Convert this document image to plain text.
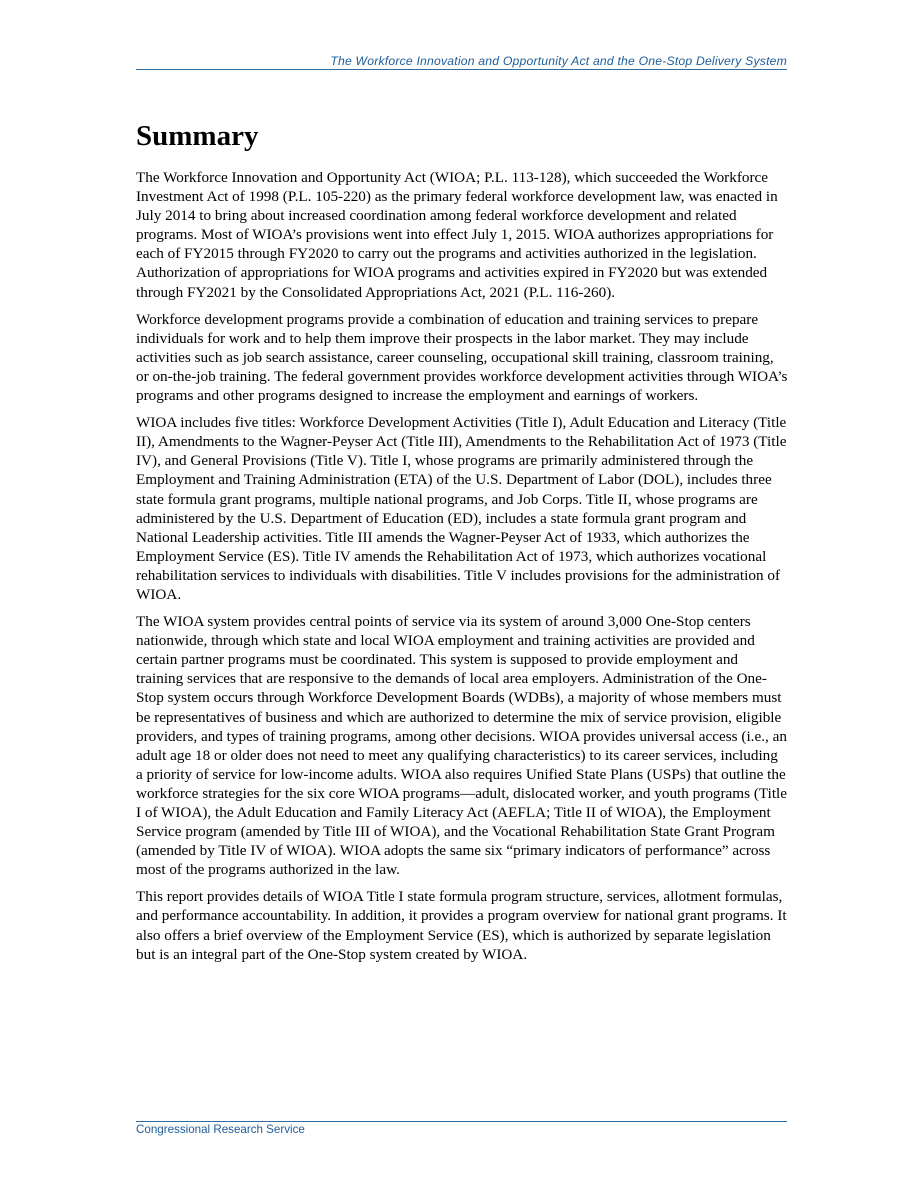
The Workforce Innovation and Opportunity Act and the One-Stop Delivery System
Summary

The Workforce Innovation and Opportunity Act (WIOA; P.L. 113-128), which succeeded the Workforce Investment Act of 1998 (P.L. 105-220) as the primary federal workforce development law, was enacted in July 2014 to bring about increased coordination among federal workforce development and related programs. Most of WIOA’s provisions went into effect July 1, 2015. WIOA authorizes appropriations for each of FY2015 through FY2020 to carry out the programs and activities authorized in the legislation. Authorization of appropriations for WIOA programs and activities expired in FY2020 but was extended through FY2021 by the Consolidated Appropriations Act, 2021 (P.L. 116-260).

Workforce development programs provide a combination of education and training services to prepare individuals for work and to help them improve their prospects in the labor market. They may include activities such as job search assistance, career counseling, occupational skill training, classroom training, or on-the-job training. The federal government provides workforce development activities through WIOA’s programs and other programs designed to increase the employment and earnings of workers.

WIOA includes five titles: Workforce Development Activities (Title I), Adult Education and Literacy (Title II), Amendments to the Wagner-Peyser Act (Title III), Amendments to the Rehabilitation Act of 1973 (Title IV), and General Provisions (Title V). Title I, whose programs are primarily administered through the Employment and Training Administration (ETA) of the U.S. Department of Labor (DOL), includes three state formula grant programs, multiple national programs, and Job Corps. Title II, whose programs are administered by the U.S. Department of Education (ED), includes a state formula grant program and National Leadership activities. Title III amends the Wagner-Peyser Act of 1933, which authorizes the Employment Service (ES). Title IV amends the Rehabilitation Act of 1973, which authorizes vocational rehabilitation services to individuals with disabilities. Title V includes provisions for the administration of WIOA.

The WIOA system provides central points of service via its system of around 3,000 One-Stop centers nationwide, through which state and local WIOA employment and training activities are provided and certain partner programs must be coordinated. This system is supposed to provide employment and training services that are responsive to the demands of local area employers. Administration of the One-Stop system occurs through Workforce Development Boards (WDBs), a majority of whose members must be representatives of business and which are authorized to determine the mix of service provision, eligible providers, and types of training programs, among other decisions. WIOA provides universal access (i.e., an adult age 18 or older does not need to meet any qualifying characteristics) to its career services, including a priority of service for low-income adults. WIOA also requires Unified State Plans (USPs) that outline the workforce strategies for the six core WIOA programs—adult, dislocated worker, and youth programs (Title I of WIOA), the Adult Education and Family Literacy Act (AEFLA; Title II of WIOA), the Employment Service program (amended by Title III of WIOA), and the Vocational Rehabilitation State Grant Program (amended by Title IV of WIOA). WIOA adopts the same six “primary indicators of performance” across most of the programs authorized in the law.

This report provides details of WIOA Title I state formula program structure, services, allotment formulas, and performance accountability. In addition, it provides a program overview for national grant programs. It also offers a brief overview of the Employment Service (ES), which is authorized by separate legislation but is an integral part of the One-Stop system created by WIOA.

Congressional Research Service
